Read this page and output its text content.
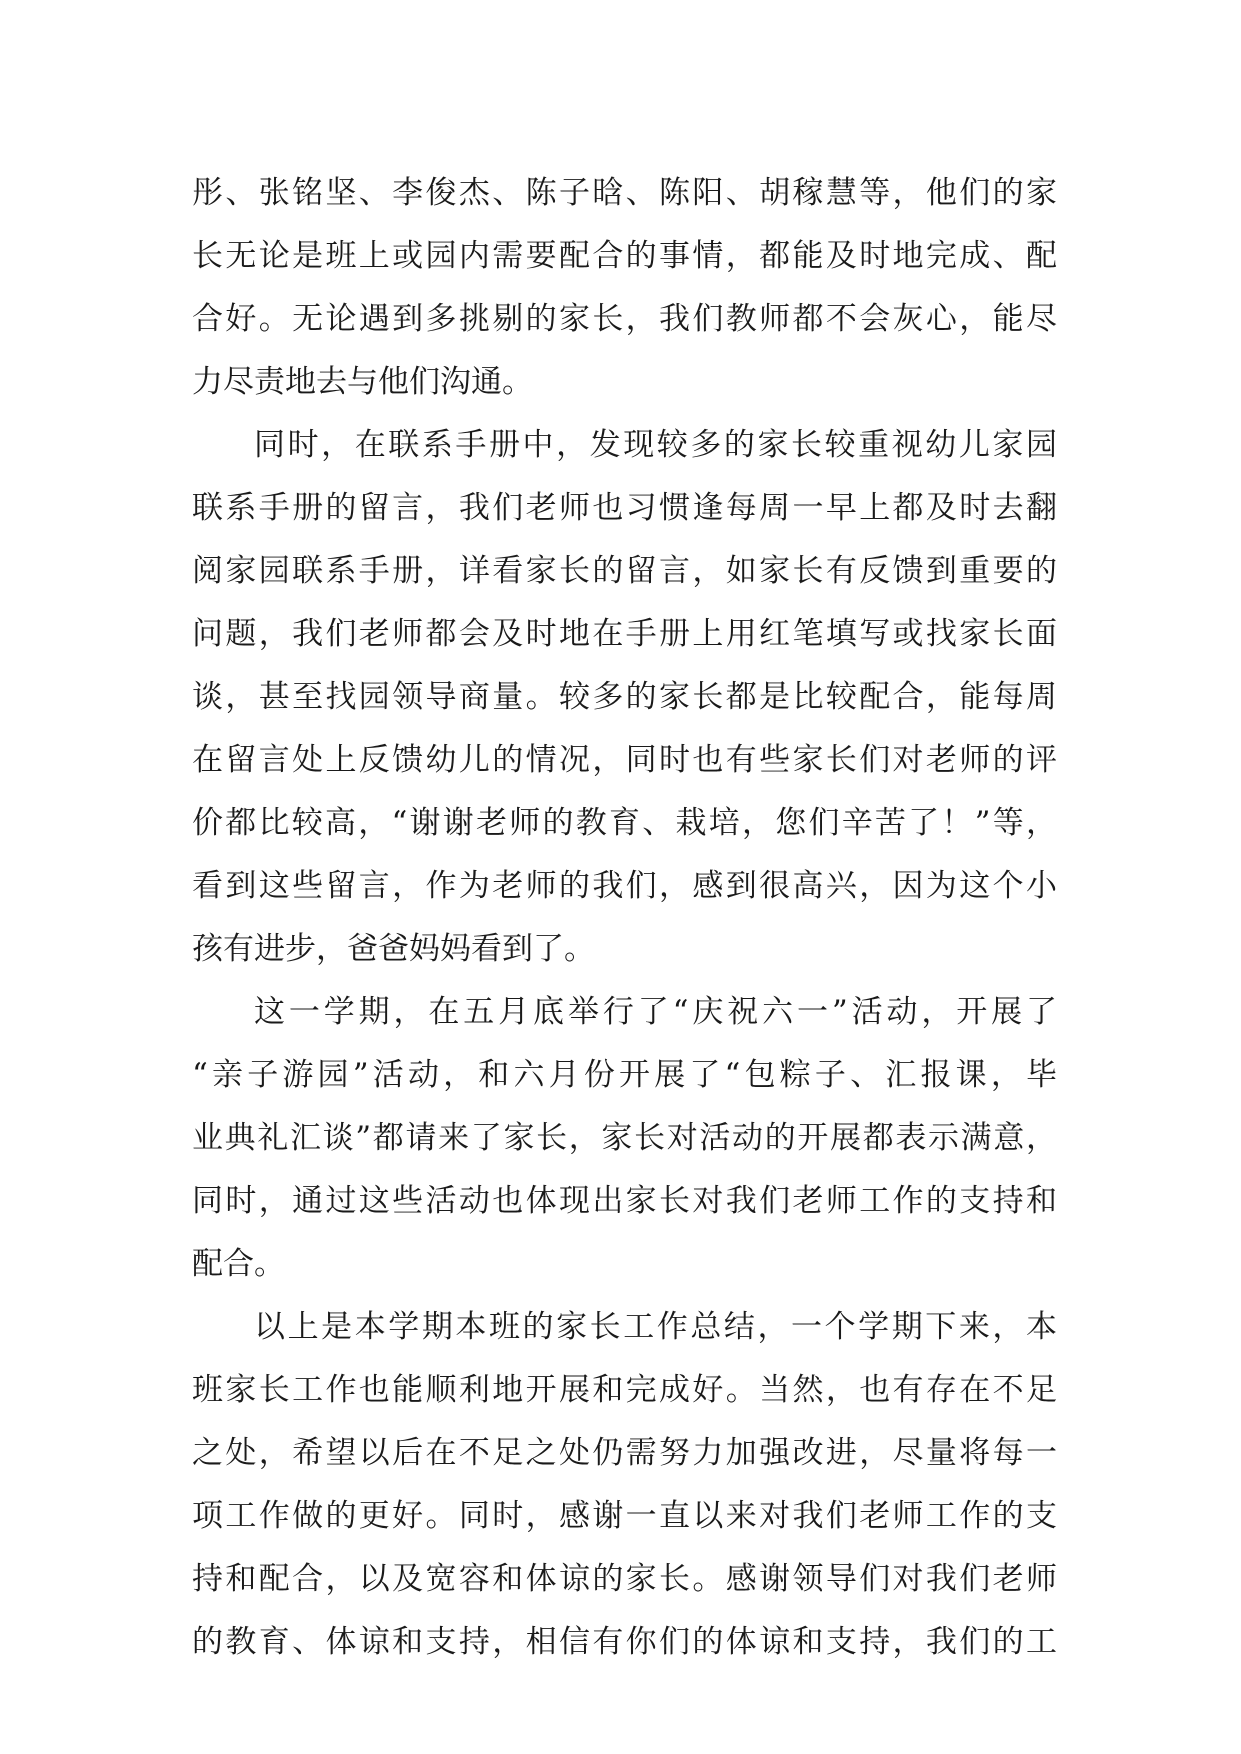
彤、张铭坚、李俊杰、陈子晗、陈阳、胡稼慧等，他们的家
长无论是班上或园内需要配合的事情，都能及时地完成、配
合好。无论遇到多挑剔的家长，我们教师都不会灰心，能尽
力尽责地去与他们沟通。
同时，在联系手册中，发现较多的家长较重视幼儿家园
联系手册的留言，我们老师也习惯逢每周一早上都及时去翻
阅家园联系手册，详看家长的留言，如家长有反馈到重要的
问题，我们老师都会及时地在手册上用红笔填写或找家长面
谈，甚至找园领导商量。较多的家长都是比较配合，能每周
在留言处上反馈幼儿的情况，同时也有些家长们对老师的评
价都比较高，“谢谢老师的教育、栽培，您们辛苦了！”等，
看到这些留言，作为老师的我们，感到很高兴，因为这个小
孩有进步，爸爸妈妈看到了。
这一学期，在五月底举行了“庆祝六一”活动，开展了
“亲子游园”活动，和六月份开展了“包粽子、汇报课，毕
业典礼汇谈”都请来了家长，家长对活动的开展都表示满意，
同时，通过这些活动也体现出家长对我们老师工作的支持和
配合。
以上是本学期本班的家长工作总结，一个学期下来，本
班家长工作也能顺利地开展和完成好。当然，也有存在不足
之处，希望以后在不足之处仍需努力加强改进，尽量将每一
项工作做的更好。同时，感谢一直以来对我们老师工作的支
持和配合，以及宽容和体谅的家长。感谢领导们对我们老师
的教育、体谅和支持，相信有你们的体谅和支持，我们的工
